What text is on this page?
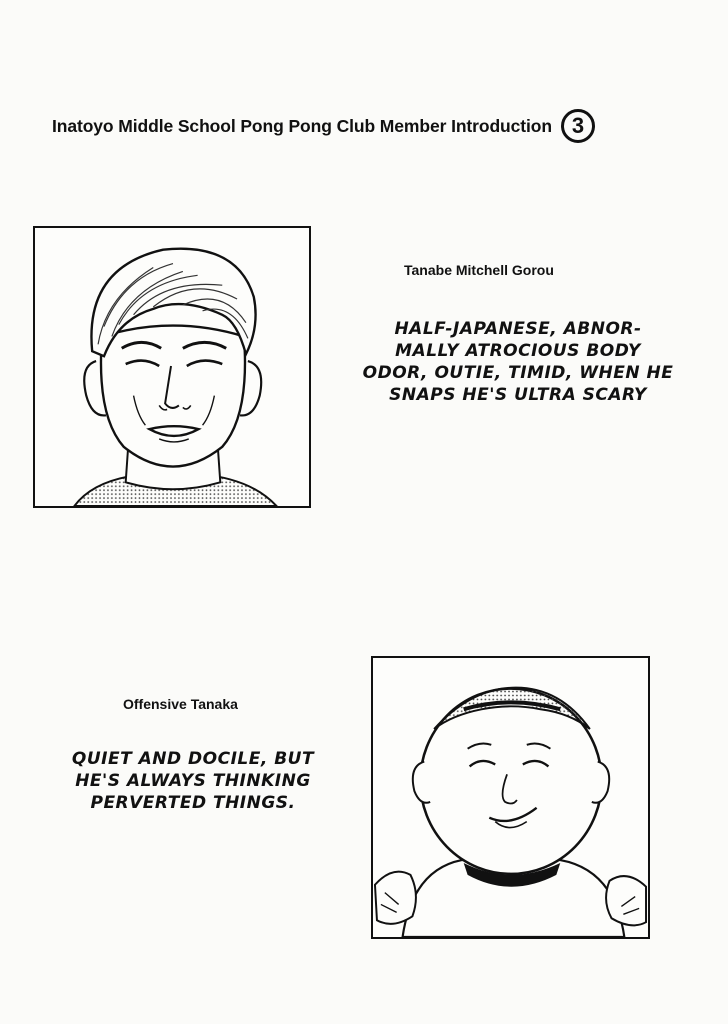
Inatoyo Middle School Pong Pong Club Member Introduction 3
Tanabe Mitchell Gorou
HALF-JAPANESE, ABNOR-
MALLY ATROCIOUS BODY
ODOR, OUTIE, TIMID, WHEN HE
SNAPS HE'S ULTRA SCARY
Offensive Tanaka
QUIET AND DOCILE, BUT
HE'S ALWAYS THINKING
PERVERTED THINGS.
